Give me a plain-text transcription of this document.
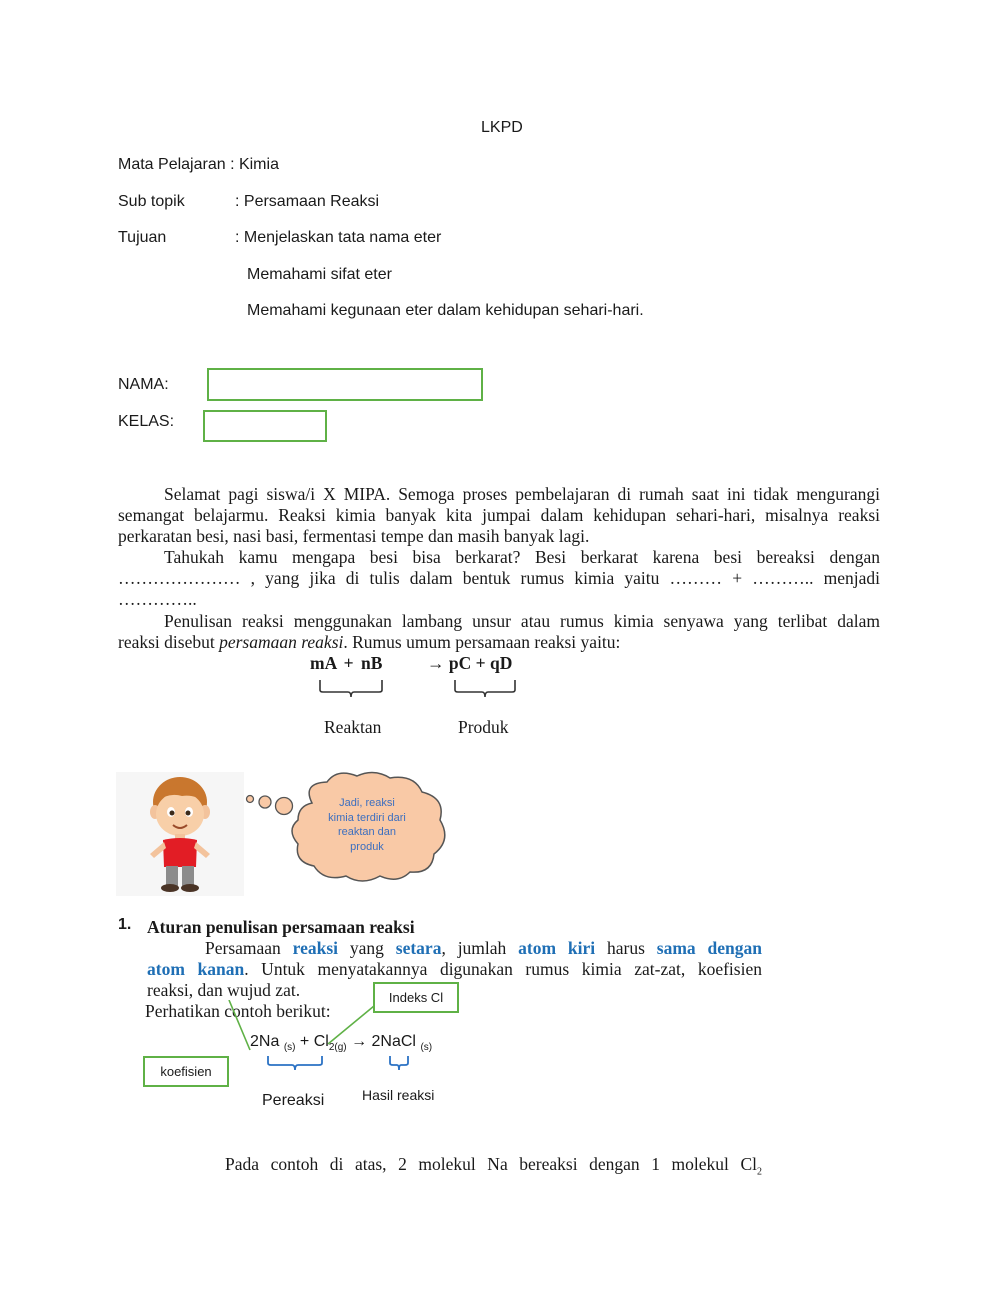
LKPD
Mata Pelajaran : Kimia
Sub topik	: Persamaan Reaksi
Tujuan	: Menjelaskan tata nama eter
Memahami sifat eter
Memahami kegunaan eter dalam kehidupan sehari-hari.
NAMA:
KELAS:
Selamat pagi siswa/i X MIPA. Semoga proses pembelajaran di rumah saat ini tidak mengurangi
semangat belajarmu. Reaksi kimia banyak kita jumpai dalam kehidupan sehari-hari, misalnya reaksi
perkaratan besi, nasi basi, fermentasi tempe dan masih banyak lagi.
Tahukah kamu mengapa besi bisa berkarat? Besi berkarat karena besi bereaksi dengan
………………… , yang jika di tulis dalam bentuk rumus kimia yaitu ……… + ……….. menjadi …………..
Penulisan reaksi menggunakan lambang unsur atau rumus kimia senyawa yang terlibat dalam
reaksi disebut persamaan reaksi. Rumus umum persamaan reaksi yaitu:
mA + nB	→ pC + qD
Reaktan	Produk
Jadi, reaksi kimia terdiri dari reaktan dan produk
1. Aturan penulisan persamaan reaksi
Persamaan reaksi yang setara, jumlah atom kiri harus sama dengan
atom kanan. Untuk menyatakannya digunakan rumus kimia zat-zat, koefisien
reaksi, dan wujud zat.
Perhatikan contoh berikut:
2Na $_{(s)} + Cl_{2(g)}$ → 2NaCl $_{(s)}$
Indeks Cl
koefisien
Pereaksi	Hasil reaksi
Pada contoh di atas, 2 molekul Na bereaksi dengan 1 molekul $Cl_2$
